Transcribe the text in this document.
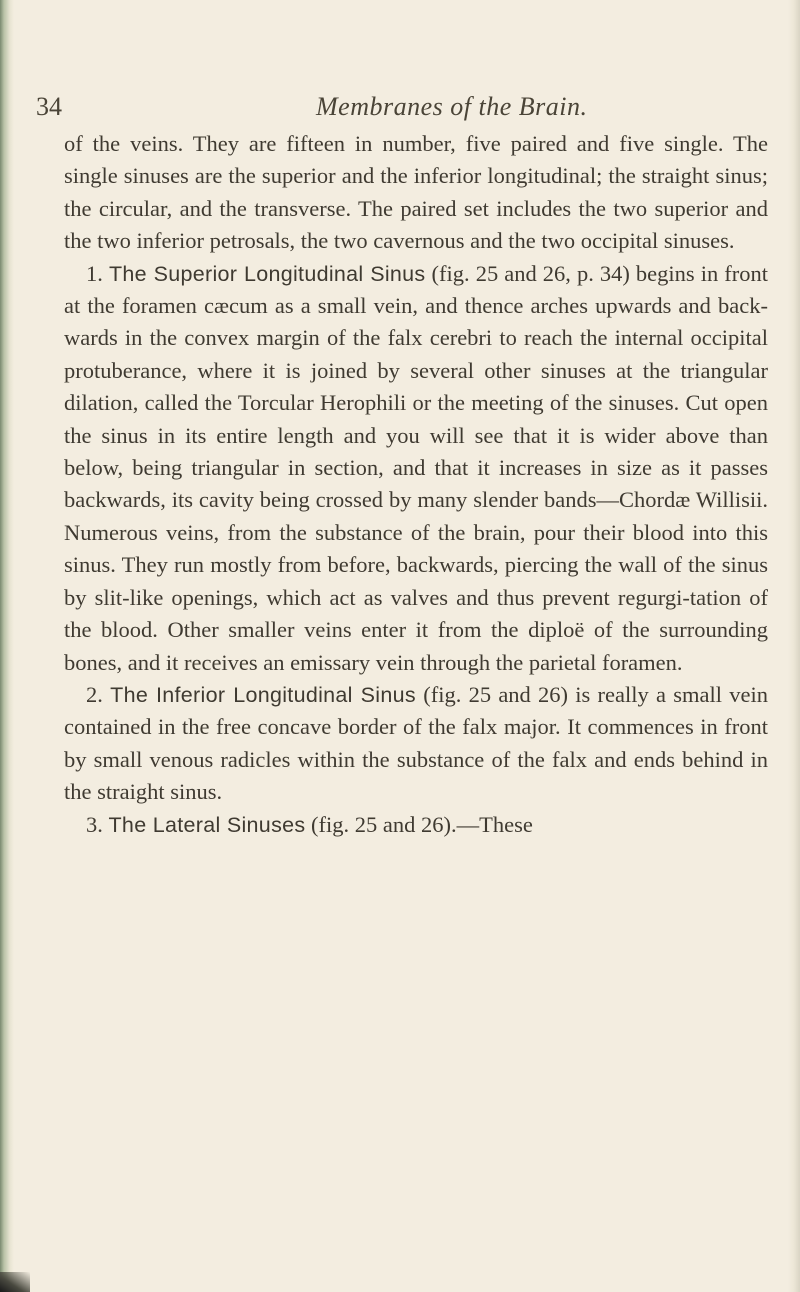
34	Membranes of the Brain.

of the veins. They are fifteen in number, five paired and five single. The single sinuses are the superior and the inferior longitudinal; the straight sinus; the circular, and the transverse. The paired set includes the two superior and the two inferior petrosals, the two cavernous and the two occipital sinuses.

1. The Superior Longitudinal Sinus (fig. 25 and 26, p. 34) begins in front at the foramen cæcum as a small vein, and thence arches upwards and back-wards in the convex margin of the falx cerebri to reach the internal occipital protuberance, where it is joined by several other sinuses at the triangular dilation, called the Torcular Herophili or the meeting of the sinuses. Cut open the sinus in its entire length and you will see that it is wider above than below, being triangular in section, and that it increases in size as it passes backwards, its cavity being crossed by many slender bands—Chordæ Willisii. Numerous veins, from the substance of the brain, pour their blood into this sinus. They run mostly from before, backwards, piercing the wall of the sinus by slit-like openings, which act as valves and thus prevent regurgi-tation of the blood. Other smaller veins enter it from the diploë of the surrounding bones, and it receives an emissary vein through the parietal foramen.

2. The Inferior Longitudinal Sinus (fig. 25 and 26) is really a small vein contained in the free concave border of the falx major. It commences in front by small venous radicles within the substance of the falx and ends behind in the straight sinus.

3. The Lateral Sinuses (fig. 25 and 26).—These
